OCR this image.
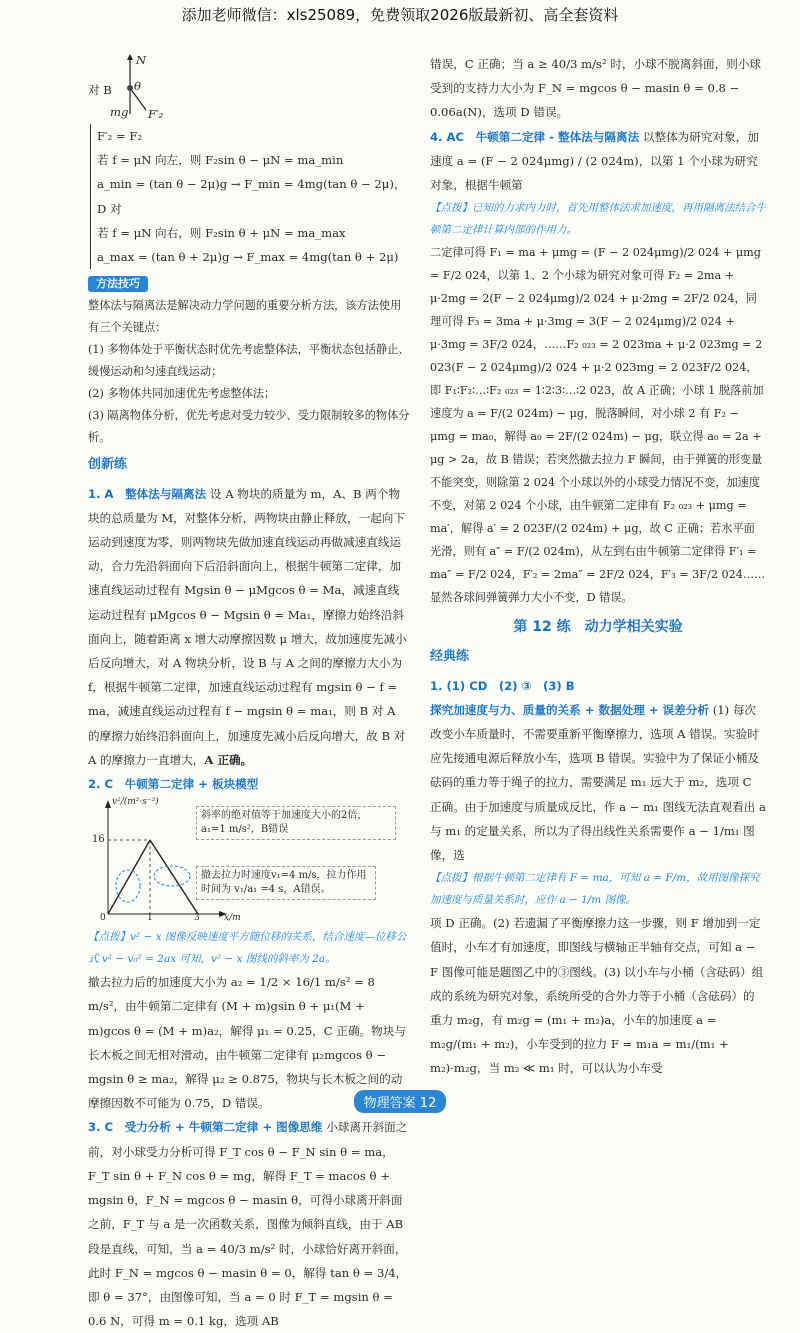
添加老师微信：xls25089，免费领取2026版最新初、高全套资料
对 B
N
θ
mg F′₂
F′₂ = F₂
若 f = μN 向左，则 F₂sin θ − μN = ma_min
a_min = (tan θ − 2μ)g → F_min = 4mg(tan θ − 2μ)，D 对
若 f = μN 向右，则 F₂sin θ + μN = ma_max
a_max = (tan θ + 2μ)g → F_max = 4mg(tan θ + 2μ)
方法技巧
整体法与隔离法是解决动力学问题的重要分析方法，该方法使用有三个关键点：
(1) 多物体处于平衡状态时优先考虑整体法，平衡状态包括静止、缓慢运动和匀速直线运动；
(2) 多物体共同加速优先考虑整体法；
(3) 隔离物体分析，优先考虑对受力较少、受力限制较多的物体分析。
创新练

1. A　整体法与隔离法 设 A 物块的质量为 m，A、B 两个物块的总质量为 M，对整体分析，两物块由静止释放，一起向下运动到速度为零，则两物块先做加速直线运动再做减速直线运动，合力先沿斜面向下后沿斜面向上，根据牛顿第二定律，加速直线运动过程有 Mgsin θ − μMgcos θ = Ma，减速直线运动过程有 μMgcos θ − Mgsin θ = Ma₁，摩擦力始终沿斜面向上，随着距离 x 增大动摩擦因数 μ 增大，故加速度先减小后反向增大，对 A 物块分析，设 B 与 A 之间的摩擦力大小为 f，根据牛顿第二定律，加速直线运动过程有 mgsin θ − f = ma，减速直线运动过程有 f − mgsin θ = ma₁，则 B 对 A 的摩擦力始终沿斜面向上，加速度先减小后反向增大，故 B 对 A 的摩擦力一直增大，A 正确。

2. C　牛顿第二定律 + 板块模型

v²/(m²·s⁻²)
16
0	1	3	x/m
斜率的绝对值等于加速度大小的2倍，a₁=1 m/s²，B错误
撤去拉力时速度v₁=4 m/s，拉力作用时间为 v₁/a₁ =4 s，A错误。
【点拨】v² − x 图像反映速度平方随位移的关系，结合速度—位移公式 v² − v₀² = 2ax 可知，v² − x 图线的斜率为 2a。

撤去拉力后的加速度大小为 a₂ = 1/2 × 16/1 m/s² = 8 m/s²，由牛顿第二定律有 (M + m)gsin θ + μ₁(M + m)gcos θ = (M + m)a₂，解得 μ₁ = 0.25，C 正确。物块与长木板之间无相对滑动，由牛顿第二定律有 μ₂mgcos θ − mgsin θ ≥ ma₂，解得 μ₂ ≥ 0.875，物块与长木板之间的动摩擦因数不可能为 0.75，D 错误。

3. C　受力分析 + 牛顿第二定律 + 图像思维 小球离开斜面之前，对小球受力分析可得 F_T cos θ − F_N sin θ = ma，F_T sin θ + F_N cos θ = mg，解得 F_T = macos θ + mgsin θ，F_N = mgcos θ − masin θ，可得小球离开斜面之前，F_T 与 a 是一次函数关系，图像为倾斜直线，由于 AB 段是直线，可知，当 a = 40/3 m/s² 时，小球恰好离开斜面，此时 F_N = mgcos θ − masin θ = 0，解得 tan θ = 3/4，即 θ = 37°，由图像可知，当 a = 0 时 F_T = mgsin θ = 0.6 N，可得 m = 0.1 kg，选项 AB

错误，C 正确；当 a ≥ 40/3 m/s² 时，小球不脱离斜面，则小球受到的支持力大小为 F_N = mgcos θ − masin θ = 0.8 − 0.06a(N)，选项 D 错误。

4. AC　牛顿第二定律 - 整体法与隔离法 以整体为研究对象，加速度 a = (F − 2 024μmg) / (2 024m)，以第 1 个小球为研究对象，根据牛顿第

【点拨】已知的力求内力时，首先用整体法求加速度，再用隔离法结合牛顿第二定律计算内部的作用力。

二定律可得 F₁ = ma + μmg = (F − 2 024μmg)/2 024 + μmg = F/2 024，以第 1、2 个小球为研究对象可得 F₂ = 2ma + μ·2mg = 2(F − 2 024μmg)/2 024 + μ·2mg = 2F/2 024，同理可得 F₃ = 3ma + μ·3mg = 3(F − 2 024μmg)/2 024 + μ·3mg = 3F/2 024，……F₂ ₀₂₃ = 2 023ma + μ·2 023mg = 2 023(F − 2 024μmg)/2 024 + μ·2 023mg = 2 023F/2 024，即 F₁∶F₂∶…∶F₂ ₀₂₃ = 1∶2∶3∶…∶2 023，故 A 正确；小球 1 脱落前加速度为 a = F/(2 024m) − μg，脱落瞬间，对小球 2 有 F₂ − μmg = ma₀，解得 a₀ = 2F/(2 024m) − μg，联立得 a₀ = 2a + μg > 2a，故 B 错误；若突然撤去拉力 F 瞬间，由于弹簧的形变量不能突变，则除第 2 024 个小球以外的小球受力情况不变，加速度不变，对第 2 024 个小球，由牛顿第二定律有 F₂ ₀₂₃ + μmg = ma′，解得 a′ = 2 023F/(2 024m) + μg，故 C 正确；若水平面光滑，则有 a″ = F/(2 024m)，从左到右由牛顿第二定律得 F′₁ = ma″ = F/2 024，F′₂ = 2ma″ = 2F/2 024，F′₃ = 3F/2 024……显然各球间弹簧弹力大小不变，D 错误。

第 12 练　动力学相关实验
经典练

1. (1) CD　(2) ③　(3) B

探究加速度与力、质量的关系 + 数据处理 + 误差分析 (1) 每次改变小车质量时，不需要重新平衡摩擦力，选项 A 错误。实验时应先接通电源后释放小车，选项 B 错误。实验中为了保证小桶及砝码的重力等于绳子的拉力，需要满足 m₁ 远大于 m₂，选项 C 正确。由于加速度与质量成反比，作 a − m₁ 图线无法直观看出 a 与 m₁ 的定量关系，所以为了得出线性关系需要作 a − 1/m₁ 图像，选

【点拨】根据牛顿第二定律有 F = ma，可知 a = F/m，故用图像探究加速度与质量关系时，应作 a − 1/m 图像。

项 D 正确。(2) 若遗漏了平衡摩擦力这一步骤，则 F 增加到一定值时，小车才有加速度，即图线与横轴正半轴有交点，可知 a − F 图像可能是题图乙中的③图线。(3) 以小车与小桶（含砝码）组成的系统为研究对象，系统所受的合外力等于小桶（含砝码）的重力 m₂g，有 m₂g = (m₁ + m₂)a，小车的加速度 a = m₂g/(m₁ + m₂)，小车受到的拉力 F = m₁a = m₁/(m₁ + m₂)·m₂g，当 m₂ ≪ m₁ 时，可以认为小车受

物理答案 12
